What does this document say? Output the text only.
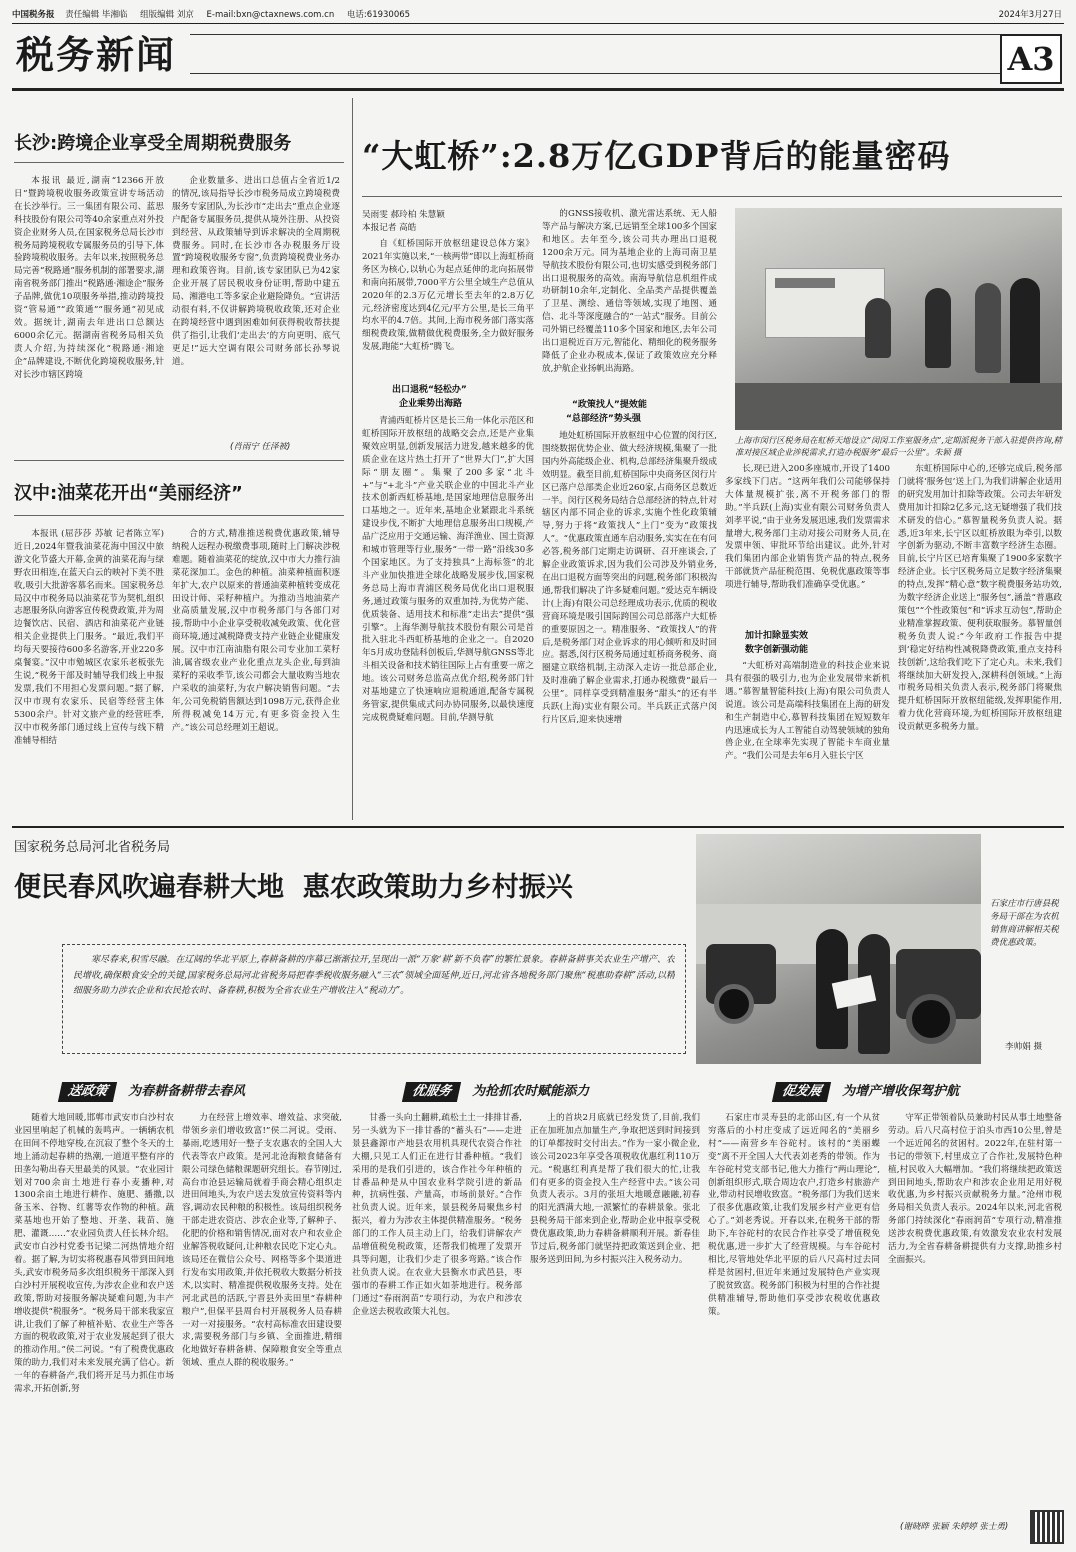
中国税务报 责任编辑 毕湘临 组版编辑 刘京 E-mail:bxn@ctaxnews.com.cn 电话:61930065	2024年3月27日
税务新闻	A3
长沙:跨境企业享受全周期税费服务
本报讯 最近,湖南“12366开放日”暨跨境税收服务政策宣讲专场活动在长沙举行。三一集团有限公司、蓝思科技股份有限公司等40余家重点对外投资企业财务人员,在国家税务总局长沙市税务局跨境税收专属服务员的引导下,体验跨境税收服务。去年以来,按照税务总局完善“税路通”服务机制的部署要求,湖南省税务部门推出“税路通·湘途企”服务子品牌,做优10项服务举措,推动跨境投资“管易通”“政策通”“服务通”初见成效。据统计,湖南去年进出口总额达6000余亿元。据湖南省税务局相关负责人介绍,为持续深化“税路通·湘途企”品牌建设,不断优化跨境税收服务,针对长沙市辖区跨境
企业数量多、进出口总值占全省近1/2的情况,该局指导长沙市税务局成立跨境税费服务专家团队,为长沙市“走出去”重点企业逐户配备专属服务员,提供从境外注册、从投资到经营、从政策辅导到诉求解决的全周期税费服务。同时,在长沙市各办税服务厅设置“跨境税收服务专窗”,负责跨境税费业务办理和政策咨询。目前,该专家团队已为42家企业开展了居民税收身份证明,帮助中建五局、湘港电工等多家企业避险降负。“宣讲活动很有料,不仅讲解跨境税收政策,还对企业在跨境经营中遇到困难如何获得税收帮扶提供了指引,让我们‘走出去’的方向更明、底气更足!”远大空调有限公司财务部长孙琴说道。
(肖雨宁 任泽被)
汉中:油菜花开出“美丽经济”
本报讯 (屈莎莎 苏敏 记者陈立军) 近日,2024年暨我油菜花海中国汉中旅游文化节盛大开幕,金黄的油菜花海与绿野农田相连,在蓝天白云的映衬下美不胜收,吸引大批游客慕名而来。国家税务总局汉中市税务局以油菜花节为契机,组织志愿服务队向游客宣传税费政策,并为周边餐饮店、民宿、酒店和油菜花产业链相关企业提供上门服务。“最近,我们平均每天要接待600多名游客,开业220多桌餐宴。”汉中市勉城区农家乐老板张先生说,“税务干部及时辅导我们线上申报发票,我们不用担心发票问题。”据了解,汉中市现有农家乐、民宿等经营主体5300余户。针对文旅产业的经营旺季,汉中市税务部门通过线上宣传与线下精准辅导相结
合的方式,精准推送税费优惠政策,辅导纳税人远程办税缴费事项,随时上门解决涉税难题。随着油菜花的绽放,汉中市大力推行油菜花深加工。金色的种植。油菜种植面积逐年扩大,农户以原来的普通油菜种植转变成花田设计师、采籽种植户。为推动当地油菜产业高质量发展,汉中市税务部门与各部门对接,帮助中小企业享受税收减免政策、优化营商环境,通过减税降费支持产业链企业健康发展。汉中市江南油脂有限公司专业加工菜籽油,属省级农业产业化重点龙头企业,每到油菜籽的采收季节,该公司都会大量收购当地农户采收的油菜籽,为农户解决销售问题。“去年,公司免税销售额达到1098万元,获得企业所得税减免14万元,有更多资金投入生产。”该公司总经理刘王超说。
“大虹桥”:2.8万亿GDP背后的能量密码
吴雨雯 郝玲柏 朱慧颖
本报记者 高皓
自《虹桥国际开放枢纽建设总体方案》2021年实施以来,“一核两带”即以上海虹桥商务区为核心,以轨心为起点延伸的北向拓展带和南向拓展带,7000平方公里全域生产总值从2020年的2.3万亿元增长至去年的2.8万亿元,经济密度达到4亿元/平方公里,是长三角平均水平的4.7倍。其间,上海市税务部门落实落细税费政策,做精做优税费服务,全力做好服务发展,跑能“大虹桥”腾飞。
出口退税“轻松办”
企业乘势出海路
青浦西虹桥片区是长三角一体化示范区和虹桥国际开放枢纽的战略交会点,还是产业集聚效应明显,创新发展活力迸发,越来越多的优质企业在这片热土打开了“世界大门”,扩大国际“朋友圈”。集聚了200多家“北斗+”与“+北斗”产业关联企业的中国北斗产业技术创新西虹桥基地,是国家地理信息服务出口基地之一。近年来,基地企业紧跟北斗系统建设步伐,不断扩大地理信息服务出口规模,产品广泛应用于交通运输、海洋渔业、国土资源和城市管理等行业,服务“一带一路”沿线30多个国家地区。为了支持独具“上海标签”的北斗产业加快推进全球化战略发展步伐,国家税务总局上海市青浦区税务局优化出口退税服务,通过政策与服务的双重加持,为优势产能、优质装备、适用技术和标准“走出去”提供“强引擎”。上海华测导航技术股份有限公司是首批入驻北斗西虹桥基地的企业之一。自2020年5月成功登陆科创板后,华测导航GNSS等北斗相关设备和技术销往国际上占有重要一席之地。该公司财务总监高点优介绍,税务部门针对基地建立了快速响应退税通道,配备专属税务管家,提供集成式问办协同服务,以最快速度完成税费疑难问题。目前,华测导航
的GNSS接收机、激光雷达系统、无人船等产品与解决方案,已远销至全球100多个国家和地区。去年至今,该公司共办理出口退税1200余万元。同为基地企业的上海司南卫星导航技术股份有限公司,也切实感受到税务部门出口退税服务的高效。南海导航信息机组件成功研制10余年,定制化、全品类产品提供覆盖了卫星、测绘、通信等领域,实现了地图、通信、北斗等深度融合的“一站式”服务。目前公司外销已经覆盖110多个国家和地区,去年公司出口退税近百万元,智能化、精细化的税务服务降低了企业办税成本,保证了政策效应充分释放,护航企业扬帆出海路。
“政策找人”提效能
“总部经济”势头强
地处虹桥国际开放枢纽中心位置的闵行区,围绕数据优势企业、做大经济规模,集聚了一批国内外高能级企业、机构,总部经济集聚升级成效明显。截至目前,虹桥国际中央商务区闵行片区已落户总部类企业近260家,占商务区总数近一半。闵行区税务局结合总部经济的特点,针对辖区内部不同企业的诉求,实施个性化政策辅导,努力于将“政策找人”上门”变为“政策找人”。“优惠政策直通车启动服务,实实在在有问必答,税务部门定期走访调研、召开座谈会,了解企业政策诉求,因为我们公司涉及外销业务,在出口退税方面等突出的问题,税务部门积极沟通,帮我们解决了许多疑难问题。”爱达克车辆设计(上海)有限公司总经理成功表示,优质的税收营商环境是吸引国际跨国公司总部落户大虹桥的重要原因之一。精准服务、“政策找人”的背后,是税务部门对企业诉求的用心倾听和及时回应。据悉,闵行区税务局通过虹桥商务税务、商圈建立联络机制,主动深入走访一批总部企业,及时准确了解企业需求,打通办税缴费“最后一公里”。同样享受到精准服务“甜头”的还有半兵跃(上海)实业有限公司。半兵跃正式落户闵行片区后,迎来快速增
上海市闵行区税务局在虹桥天地设立“闵闵工作室服务点”,定期派税务干部入驻提供咨询,精准对接区域企业涉税需求,打造办税服务“最后一公里”。朱颖 摄
长,现已进入200多座城市,开设了1400多家线下门店。“这两年我们公司能够保持大体量规模扩张,离不开税务部门的帮助。”半兵跃(上海)实业有限公司财务负责人刘孝平说,“由于业务发展迅速,我们发票需求量增大,税务部门主动对接公司财务人员,在发票申领、审批环节给出建议。此外,针对我们集团内部企业销售货产品的特点,税务干部就货产品征税范围、免税优惠政策等事项进行辅导,帮助我们准确享受优惠。”
加计扣除显实效
数字创新强动能
“大虹桥对高端制造业的科技企业来说具有很强的吸引力,也为企业发展带来新机遇。”慕智量智能科技(上海)有限公司负责人说道。该公司是高端科技集团在上海的研发和生产制造中心,慕智科技集团在短短数年内迅速成长为人工智能自动驾驶领域的独角兽企业,在全球率先实现了智能卡车商业量产。“我们公司是去年6月入驻长宁区
东虹桥国际中心的,还够完成后,税务部门就将‘服务包’送上门,为我们讲解企业适用的研究发用加计扣除等政策。公司去年研发费用加计扣除2亿多元,这无疑增强了我们技术研发的信心。”慕智量税务负责人说。据悉,近3年来,长宁区以虹桥放眼为牵引,以数字创新为驱动,不断丰富数字经济生态圈。目前,长宁片区已培育集聚了1900多家数字经济企业。长宁区税务局立足数字经济集聚的特点,发挥“精心意”数字税费服务站功效,为数字经济企业送上“服务包”,涵盖“普惠政策包”“个性政策包”和“诉求互动包”,帮助企业精准掌握政策、便利获取服务。慕智量创税务负责人说:“今年政府工作报告中提到‘稳定好结构性减税降费政策,重点支持科技创新’,这给我们吃下了定心丸。未来,我们将继续加大研发投入,深耕科创领域。”上海市税务局相关负责人表示,税务部门将聚焦提升虹桥国际开放枢纽能级,发挥职能作用,着力优化营商环境,为虹桥国际开放枢纽建设贡献更多税务力量。
国家税务总局河北省税务局
便民春风吹遍春耕大地  惠农政策助力乡村振兴
寒尽春来,积雪尽融。在辽阔的华北平原上,春耕备耕的序幕已渐渐拉开,呈现出一派“万象‘耕’新不负春”的繁忙景象。春耕备耕事关农业生产增产、农民增收,确保粮食安全的关键,国家税务总局河北省税务局把春季税收服务融入“三农”领域全面延伸,近日,河北省各地税务部门聚焦“税惠助春耕”活动,以精细服务助力涉农企业和农民抢农时、备春耕,积极为全省农业生产增收注入“税动力”。
石家庄市行唐县税务局干部在为农机销售商讲解相关税费优惠政策。
李帅娟 摄
送政策 为春耕备耕带去春风	优服务 为抢抓农时赋能添力	促发展 为增产增收保驾护航
随着大地回暖,邯郸市武安市白沙村农业园里响起了机械的轰鸣声。一辆辆农机在田间不停地穿梭,在沉寂了整个冬天的土地上涌动起春耕的热潮,一道道平整有序的田垄勾勒出春天里最美的风景。“农业园计划对700余亩土地进行春小麦播种,对1300余亩土地进行耕作、施肥、播撒,以备玉米、谷物、红薯等农作物的种植。蔬菜基地也开始了整地、开垄、栽苗、施肥、灌溉……”农业园负责人任长林介绍。武安市白沙村党委书记梁二河热情地介绍着。据了解,为切实将税惠春风带到田间地头,武安市税务局多次组织税务干部深入到白沙村开展税收宣传,为涉农企业和农户送政策,帮助对接服务解决疑难问题,为丰产增收提供“税服务”。“税务局干部来我家宣讲,让我们了解了种植补贴、农业生产等各方面的税收政策,对于农业发展起到了很大的推动作用。”侯二河说。“有了税费优惠政策的助力,我们对未来发展充满了信心。新一年的春耕备产,我们将开足马力抓住市场需求,开拓创新,努
力在经营上增效率、增效益、求突破,带领乡亲们增收致富!”侯二河说。受雨、暴雨,吃透用好一整子支农惠农的全国人大代表等农户政策。是河北沧海粮食储备有限公司绿色储粮课题研究组长。春节刚过,高台市沧县运输局就着手商会精心组织走进田间地头,为农户送去发放宣传资料等内容,调动农民种粮的积极性。该局组织税务干部走进农资店、涉农企业等,了解种子、化肥的价格和销售情况,面对农户和农业企业解答税收疑问,让种粮农民吃下定心丸。该局还在微信公众号、网格等多个渠道进行发布实用政策,并依托税收大数据分析技术,以实时、精准提供税收服务支持。处在河北武邑的活跃,宁晋县外卖田里“春耕种粮户”,但保平县周台村开展税务人员春耕一对一对接服务。“农村高标准农田建设要求,需要税务部门与乡镇、全面推进,精细化地做好春耕备耕、保障粮食安全等重点领域、重点人群的税收服务。”
甘番一头向土翻耕,疏松土土一排排甘番,另一头就为下一排甘番的“蓄头石”——走进景县鑫源市产地县农用机具现代农资合作社大棚,只见工人们正在进行甘番种植。“我们采用的是我们引进的，该合作社今年种植的甘番品种是从中国农业科学院引进的新品种，抗病性强、产量高，市场前景好。”合作社负责人说。近年来，景县税务局聚焦乡村振兴，着力为涉农主体提供精准服务。“税务部门的工作人员主动上门，给我们讲解农产品增值税免税政策，还帮我们梳理了发票开具等问题，让我们少走了很多弯路。”该合作社负责人说。在农业大县衡水市武邑县，枣强市的春耕工作正如火如荼地进行。税务部门通过“春雨润苗”专项行动，为农户和涉农企业送去税收政策大礼包。
上的首块2月底就已经发货了,目前,我们正在加班加点加量生产,争取把送到时间接到的订单都按时交付出去。”作为一家小微企业,该公司2023年享受各项税收优惠红利110万元。“税惠红利真是帮了我们很大的忙,让我们有更多的资金投入生产经营中去。”该公司负责人表示。3月的张垣大地暖意融融,初春的阳光洒满大地,一派繁忙的春耕景象。张北县税务局干部来到企业,帮助企业申报享受税费优惠政策,助力春耕备耕顺利开展。新春佳节过后,税务部门就坚持把政策送到企业、把服务送到田间,为乡村振兴注入税务动力。
石家庄市灵寿县的北部山区,有一个从贫穷落后的小村庄变成了远近闻名的“美丽乡村”——南营乡车谷砣村。该村的“美丽蝶变”离不开全国人大代表刘老秀的带领。作为车谷砣村党支部书记,他大力推行“两山理论”,创新组织形式,联合周边农户,打造乡村旅游产业,带动村民增收致富。“税务部门为我们送来了很多优惠政策,让我们发展乡村产业更有信心了。”刘老秀说。开春以来,在税务干部的帮助下,车谷砣村的农民合作社享受了增值税免税优惠,进一步扩大了经营规模。与车谷砣村相比,尽管地处华北平原的后八尺高村过去同样是贫困村,但近年来通过发展特色产业实现了脱贫致富。税务部门积极为村里的合作社提供精准辅导,帮助他们享受涉农税收优惠政策。
守军正带领着队员兼助村民从事土地整备劳动。后八尺高村位于泊头市西10公里,曾是一个远近闻名的贫困村。2022年,在驻村第一书记的带领下,村里成立了合作社,发展特色种植,村民收入大幅增加。“我们将继续把政策送到田间地头,帮助农户和涉农企业用足用好税收优惠,为乡村振兴贡献税务力量。”沧州市税务局相关负责人表示。2024年以来,河北省税务部门持续深化“春雨润苗”专项行动,精准推送涉农税费优惠政策,有效激发农业农村发展活力,为全省春耕备耕提供有力支撑,助推乡村全面振兴。
(谢晓晔 张颖 朱婷婷 张士勇)
